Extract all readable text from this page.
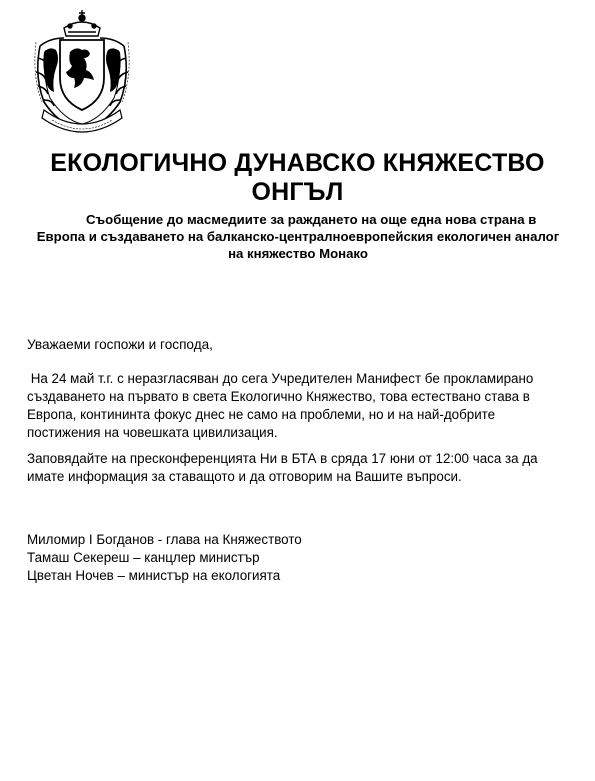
ЕКОЛОГИЧНО ДУНАВСКО КНЯЖЕСТВО
ОНГЪЛ

Съобщение до масмедиите за раждането на още една нова страна в
Европа и създаването на балканско-централноевропейския екологичен аналог
на княжество Монако

Уважаеми госпожи и господа,

На 24 май т.г. с неразгласяван до сега Учредителен Манифест бе прокламирано
създаването на първато в света Екологично Княжество, това естествано става в
Европа, контининта фокус днес не само на проблеми, но и на най-добрите
постижения на човешката цивилизация.

Заповядайте на пресконференцията Ни в БТА в сряда 17 юни от 12:00 часа за да
имате информация за ставащото и да отговорим на Вашите въпроси.

Миломир I Богданов - глава на Княжеството
Тамаш Секереш – канцлер министър
Цветан Ночев – министър на екологията
